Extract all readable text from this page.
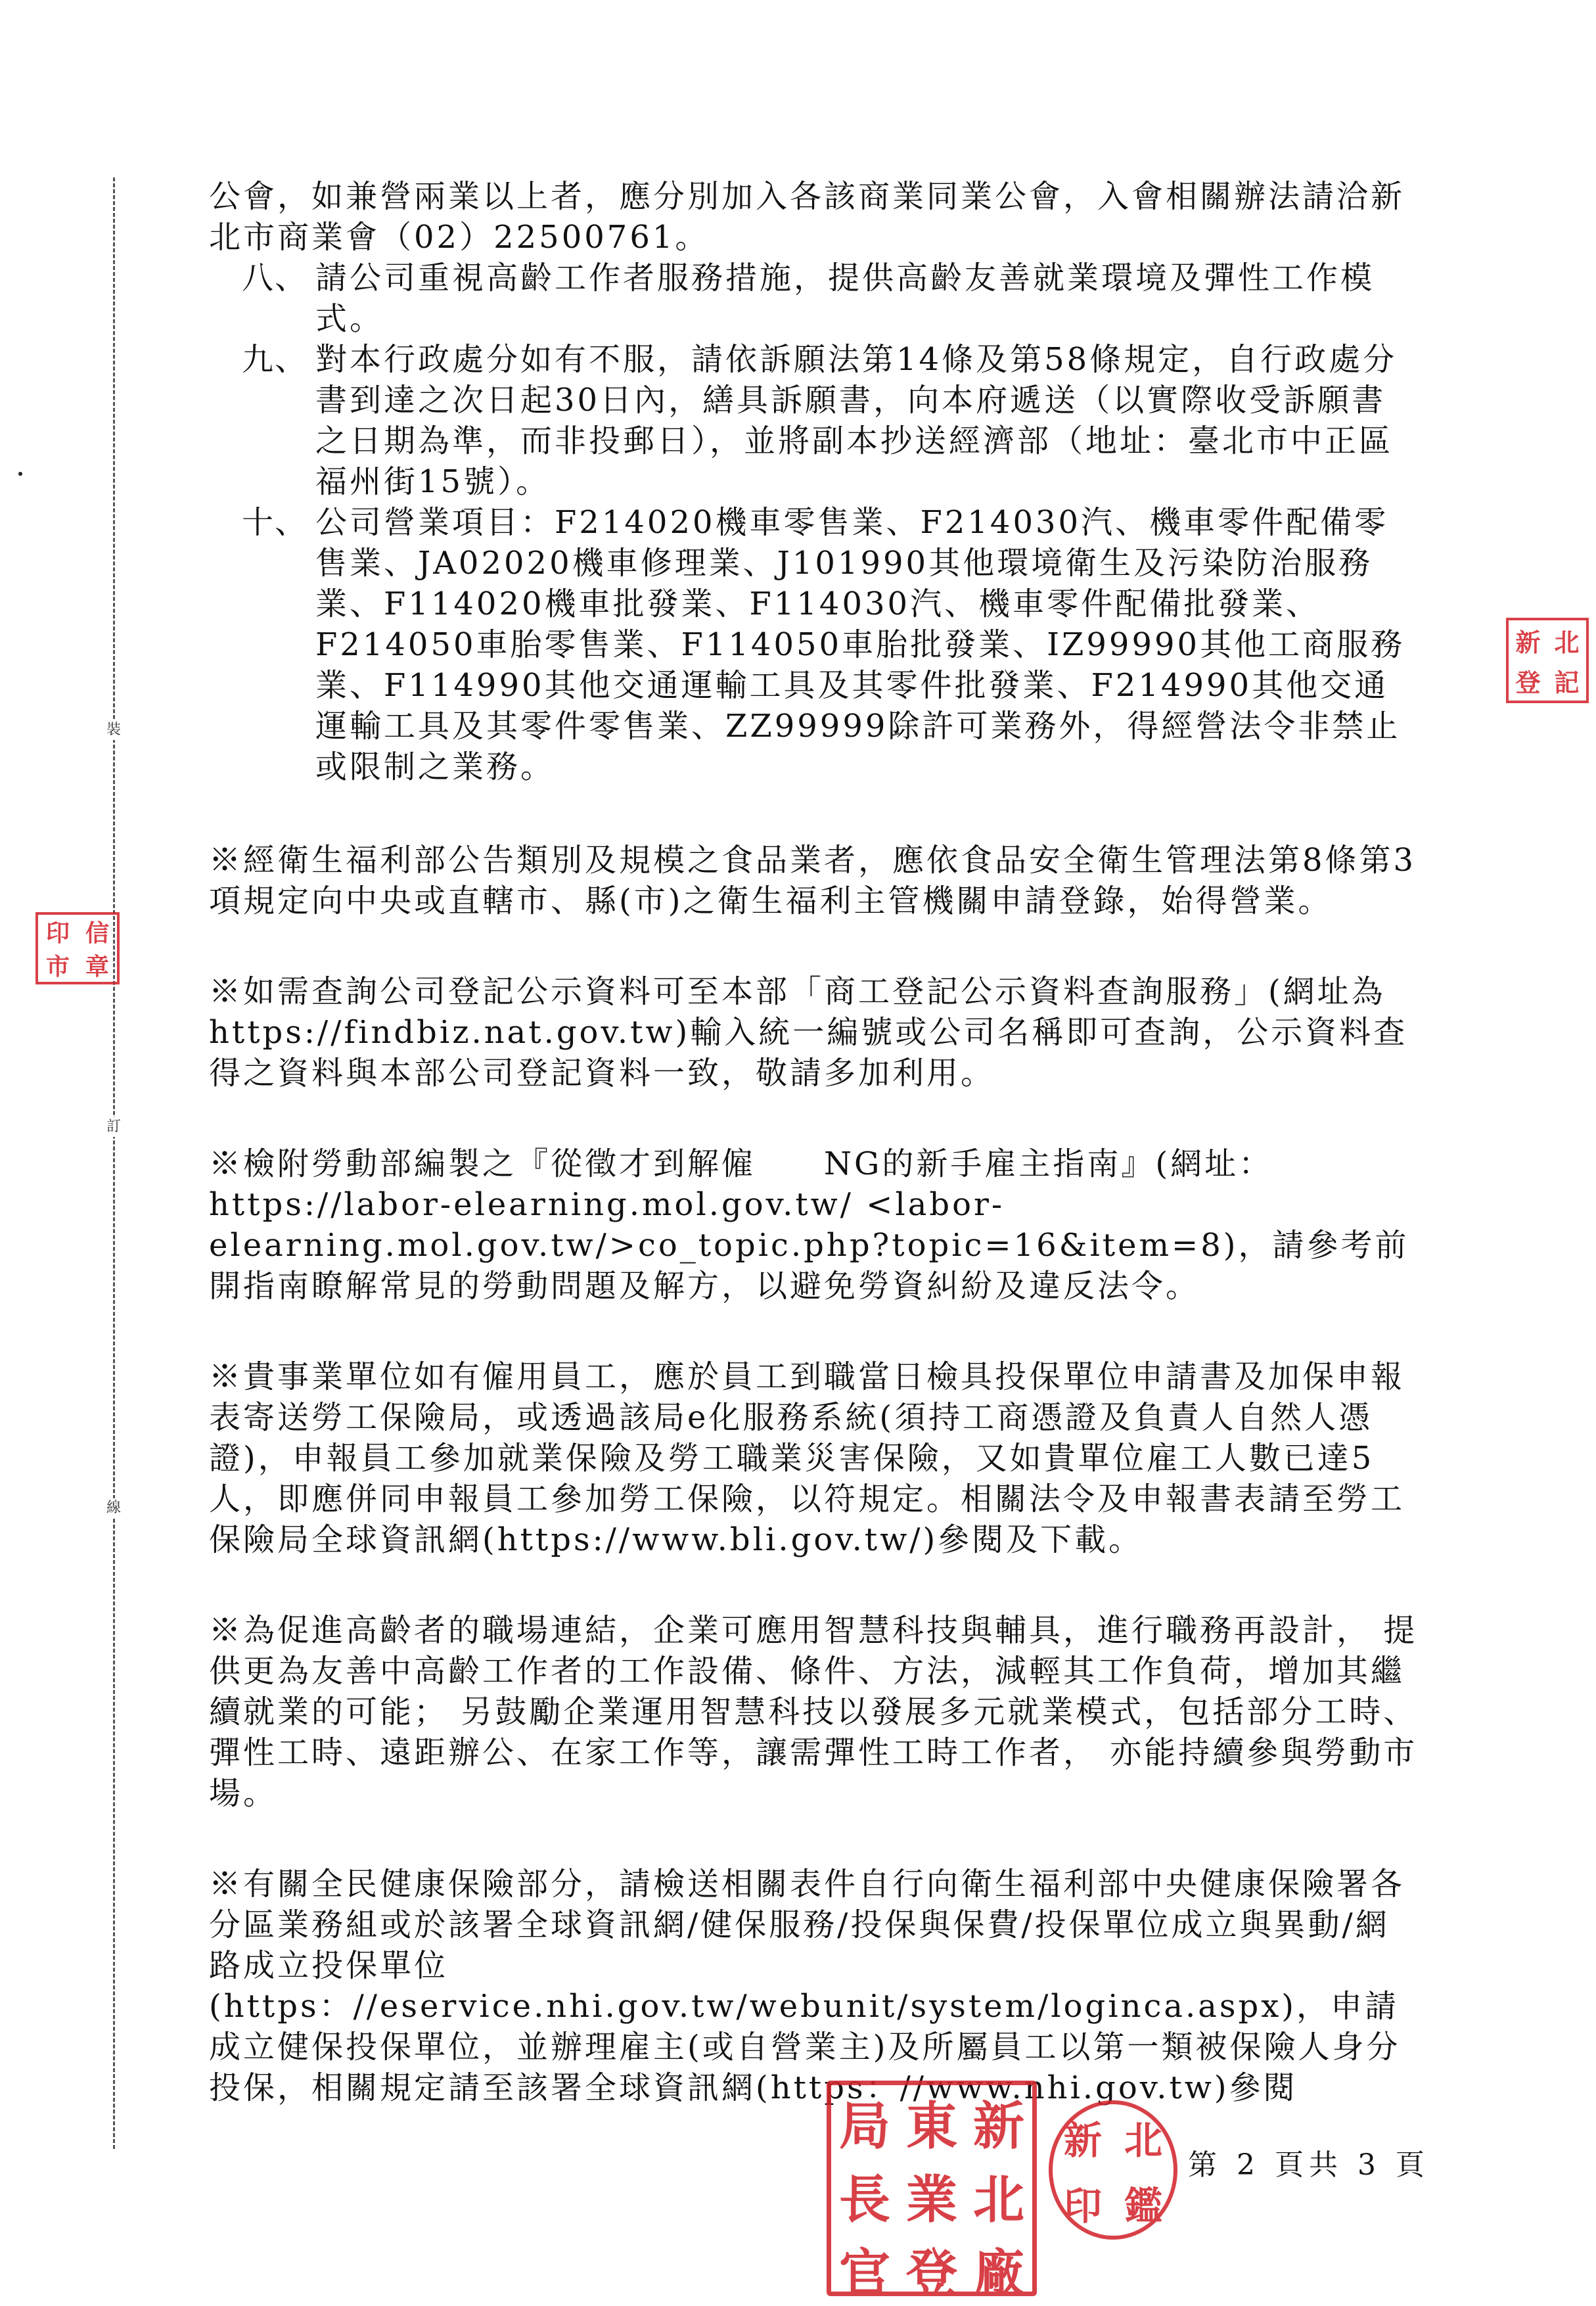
裝
訂
線

公會，如兼營兩業以上者，應分別加入各該商業同業公會，入會相關辦法請洽新北市商業會（02）22500761。

八、 請公司重視高齡工作者服務措施，提供高齡友善就業環境及彈性工作模式。

九、 對本行政處分如有不服，請依訴願法第14條及第58條規定，自行政處分書到達之次日起30日內，繕具訴願書，向本府遞送（以實際收受訴願書之日期為準，而非投郵日），並將副本抄送經濟部（地址：臺北市中正區福州街15號）。

十、 公司營業項目：F214020機車零售業、F214030汽、機車零件配備零售業、JA02020機車修理業、J101990其他環境衛生及污染防治服務業、F114020機車批發業、F114030汽、機車零件配備批發業、F214050車胎零售業、F114050車胎批發業、IZ99990其他工商服務業、F114990其他交通運輸工具及其零件批發業、F214990其他交通運輸工具及其零件零售業、ZZ99999除許可業務外，得經營法令非禁止或限制之業務。

※經衛生福利部公告類別及規模之食品業者，應依食品安全衛生管理法第8條第3項規定向中央或直轄市、縣(市)之衛生福利主管機關申請登錄，始得營業。

※如需查詢公司登記公示資料可至本部「商工登記公示資料查詢服務」(網址為https://findbiz.nat.gov.tw)輸入統一編號或公司名稱即可查詢，公示資料查得之資料與本部公司登記資料一致，敬請多加利用。

※檢附勞動部編製之『從徵才到解僱　　NG的新手雇主指南』(網址：https://labor-elearning.mol.gov.tw/ <labor-elearning.mol.gov.tw/>co_topic.php?topic=16&item=8)，請參考前開指南瞭解常見的勞動問題及解方，以避免勞資糾紛及違反法令。

※貴事業單位如有僱用員工，應於員工到職當日檢具投保單位申請書及加保申報表寄送勞工保險局，或透過該局e化服務系統(須持工商憑證及負責人自然人憑證)，申報員工參加就業保險及勞工職業災害保險，又如貴單位雇工人數已達5人，即應併同申報員工參加勞工保險，以符規定。相關法令及申報書表請至勞工保險局全球資訊網(https://www.bli.gov.tw/)參閱及下載。

※為促進高齡者的職場連結，企業可應用智慧科技與輔具，進行職務再設計， 提供更為友善中高齡工作者的工作設備、條件、方法，減輕其工作負荷，增加其繼續就業的可能； 另鼓勵企業運用智慧科技以發展多元就業模式，包括部分工時、彈性工時、遠距辦公、在家工作等，讓需彈性工時工作者， 亦能持續參與勞動市場。

※有關全民健康保險部分，請檢送相關表件自行向衛生福利部中央健康保險署各分區業務組或於該署全球資訊網/健保服務/投保與保費/投保單位成立與異動/網路成立投保單位(https：//eservice.nhi.gov.tw/webunit/system/loginca.aspx)，申請成立健保投保單位，並辦理雇主(或自營業主)及所屬員工以第一類被保險人身分投保，相關規定請至該署全球資訊網(https：//www.nhi.gov.tw)參閱

新 北
登 記
印 信
市 章
局 東 新
長 業 北
官 登 廠
新 北
印 鑑
第 2 頁共 3 頁
